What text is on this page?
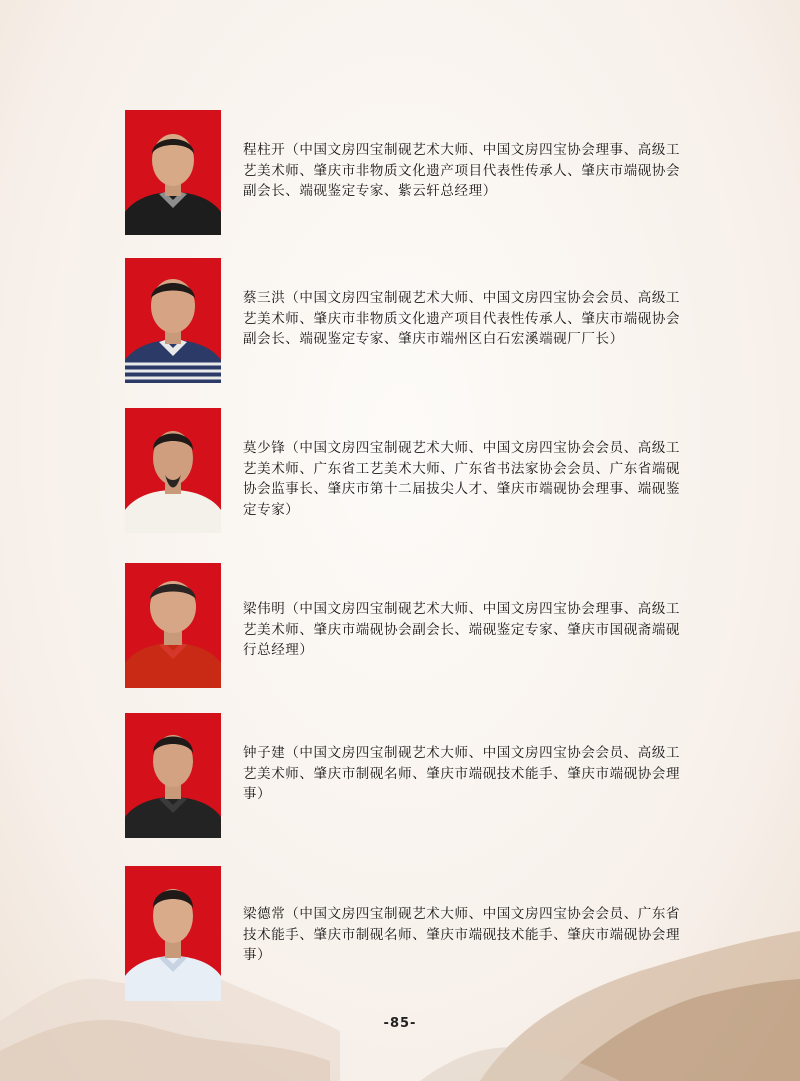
程柱开（中国文房四宝制砚艺术大师、中国文房四宝协会理事、高级工艺美术师、肇庆市非物质文化遗产项目代表性传承人、肇庆市端砚协会副会长、端砚鉴定专家、紫云轩总经理）

蔡三洪（中国文房四宝制砚艺术大师、中国文房四宝协会会员、高级工艺美术师、肇庆市非物质文化遗产项目代表性传承人、肇庆市端砚协会副会长、端砚鉴定专家、肇庆市端州区白石宏溪端砚厂厂长）

莫少锋（中国文房四宝制砚艺术大师、中国文房四宝协会会员、高级工艺美术师、广东省工艺美术大师、广东省书法家协会会员、广东省端砚协会监事长、肇庆市第十二届拔尖人才、肇庆市端砚协会理事、端砚鉴定专家）

梁伟明（中国文房四宝制砚艺术大师、中国文房四宝协会理事、高级工艺美术师、肇庆市端砚协会副会长、端砚鉴定专家、肇庆市国砚斋端砚行总经理）

钟子建（中国文房四宝制砚艺术大师、中国文房四宝协会会员、高级工艺美术师、肇庆市制砚名师、肇庆市端砚技术能手、肇庆市端砚协会理事）

梁德常（中国文房四宝制砚艺术大师、中国文房四宝协会会员、广东省技术能手、肇庆市制砚名师、肇庆市端砚技术能手、肇庆市端砚协会理事）

-85-
